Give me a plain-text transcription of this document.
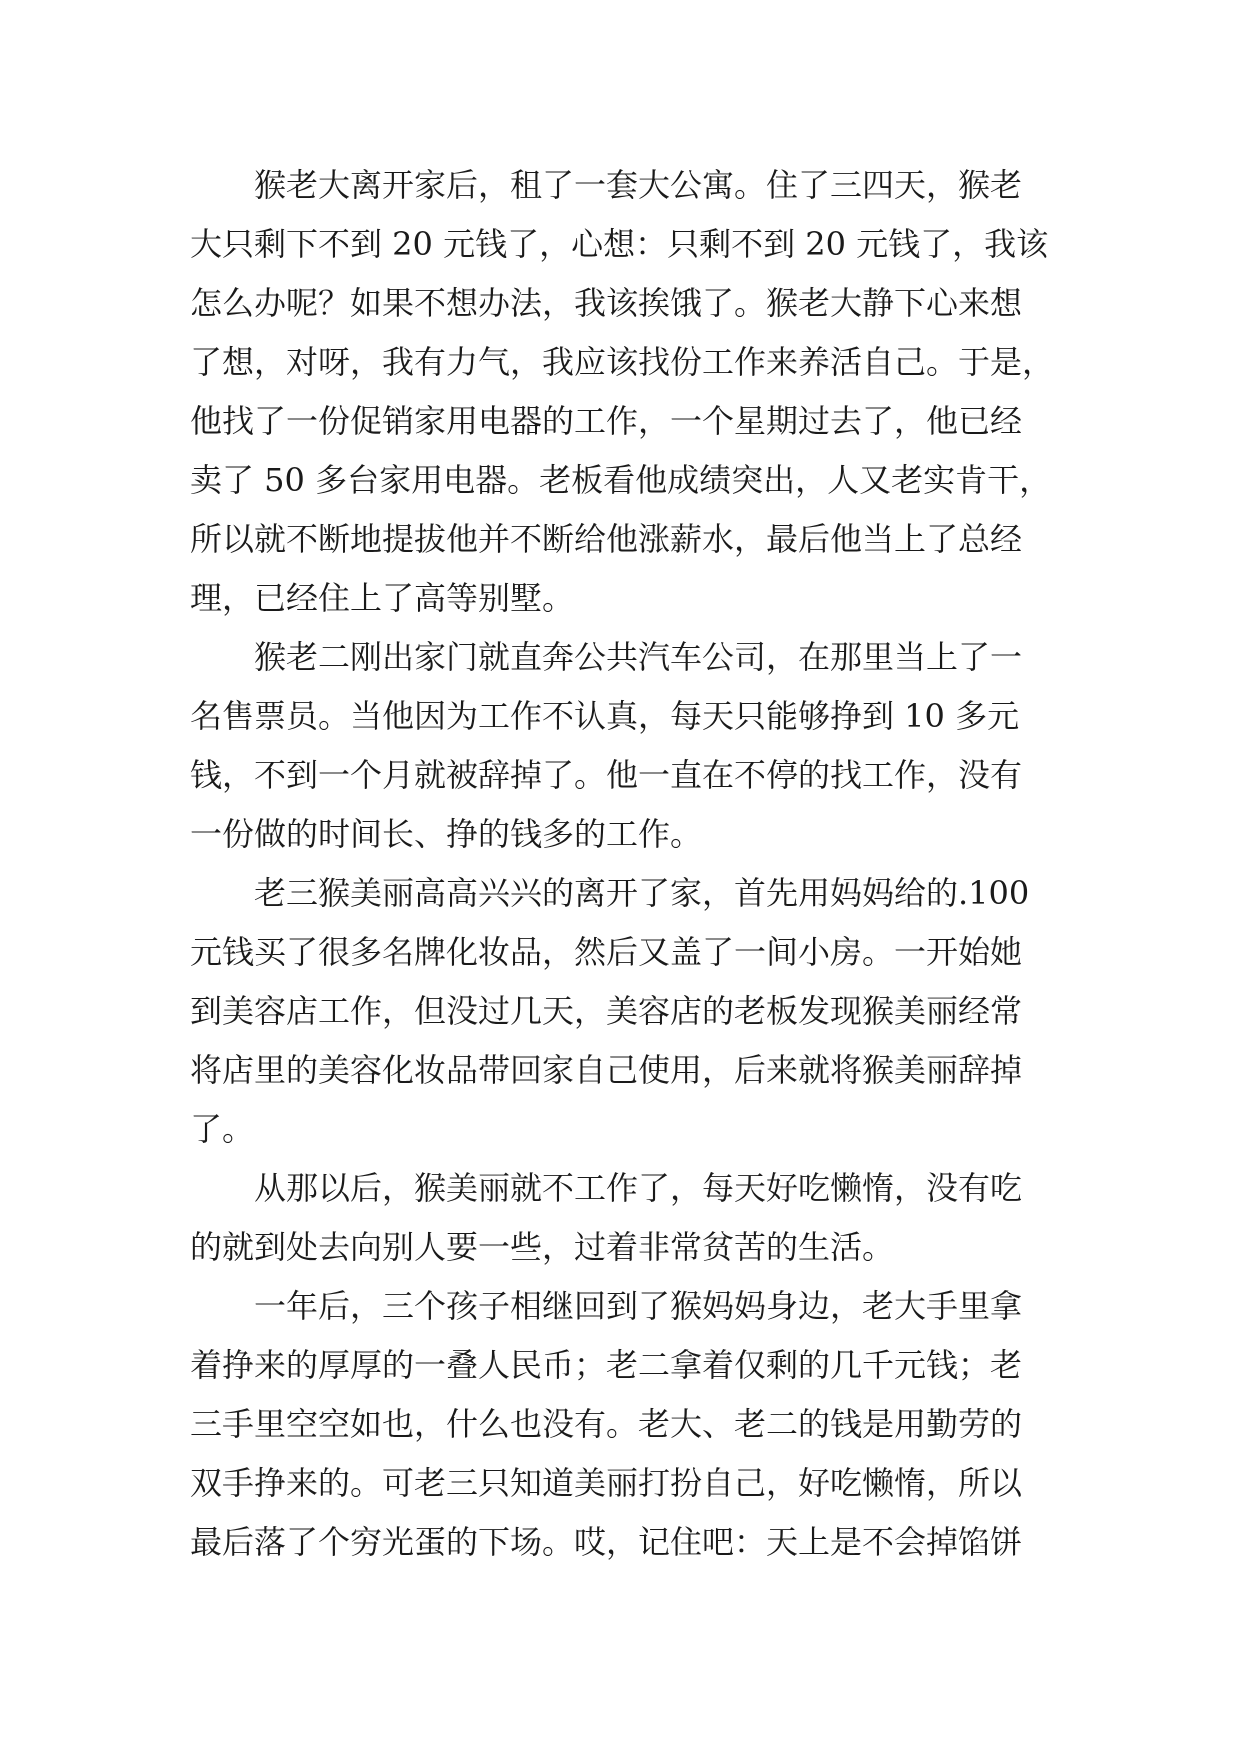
猴老大离开家后，租了一套大公寓。住了三四天，猴老
大只剩下不到 20 元钱了，心想：只剩不到 20 元钱了，我该
怎么办呢？如果不想办法，我该挨饿了。猴老大静下心来想
了想，对呀，我有力气，我应该找份工作来养活自己。于是，
他找了一份促销家用电器的工作，一个星期过去了，他已经
卖了 50 多台家用电器。老板看他成绩突出，人又老实肯干，
所以就不断地提拔他并不断给他涨薪水，最后他当上了总经
理，已经住上了高等别墅。
猴老二刚出家门就直奔公共汽车公司，在那里当上了一
名售票员。当他因为工作不认真，每天只能够挣到 10 多元
钱，不到一个月就被辞掉了。他一直在不停的找工作，没有
一份做的时间长、挣的钱多的工作。
老三猴美丽高高兴兴的离开了家，首先用妈妈给的.100
元钱买了很多名牌化妆品，然后又盖了一间小房。一开始她
到美容店工作，但没过几天，美容店的老板发现猴美丽经常
将店里的美容化妆品带回家自己使用，后来就将猴美丽辞掉
了。
从那以后，猴美丽就不工作了，每天好吃懒惰，没有吃
的就到处去向别人要一些，过着非常贫苦的生活。
一年后，三个孩子相继回到了猴妈妈身边，老大手里拿
着挣来的厚厚的一叠人民币；老二拿着仅剩的几千元钱；老
三手里空空如也，什么也没有。老大、老二的钱是用勤劳的
双手挣来的。可老三只知道美丽打扮自己，好吃懒惰，所以
最后落了个穷光蛋的下场。哎，记住吧：天上是不会掉馅饼
